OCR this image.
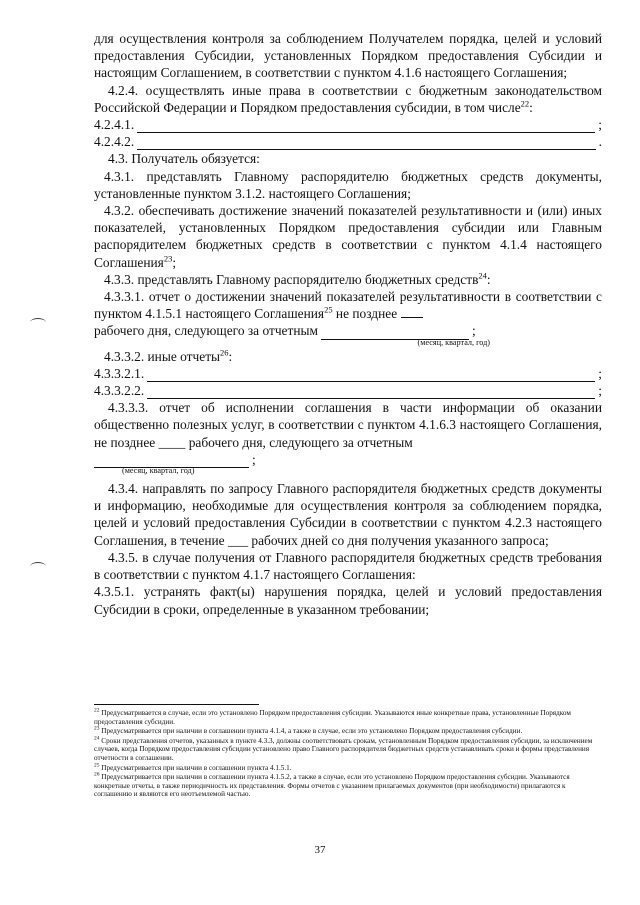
для осуществления контроля за соблюдением Получателем порядка, целей и условий предоставления Субсидии, установленных Порядком предоставления Субсидии и настоящим Соглашением, в соответствии с пунктом 4.1.6 настоящего Соглашения;

4.2.4. осуществлять иные права в соответствии с бюджетным законодательством Российской Федерации и Порядком предоставления субсидии, в том числе$^{22}$:

4.2.4.1.	;
4.2.4.2.	.

4.3. Получатель обязуется:

4.3.1. представлять Главному распорядителю бюджетных средств документы, установленные пунктом 3.1.2. настоящего Соглашения;

4.3.2. обеспечивать достижение значений показателей результативности и (или) иных показателей, установленных Порядком предоставления субсидии или Главным распорядителем бюджетных средств в соответствии с пунктом 4.1.4 настоящего Соглашения$^{23}$;

4.3.3. представлять Главному распорядителю бюджетных средств$^{24}$:

4.3.3.1. отчет о достижении значений показателей результативности в соответствии с пунктом 4.1.5.1 настоящего Соглашения$^{25}$ не позднее

рабочего дня, следующего за отчетным	;
(месяц, квартал, год)

4.3.3.2. иные отчеты$^{26}$:

4.3.3.2.1.	;
4.3.3.2.2.	;

4.3.3.3. отчет об исполнении соглашения в части информации об оказании общественно полезных услуг, в соответствии с пунктом 4.1.6.3 настоящего Соглашения, не позднее ____ рабочего дня, следующего за отчетным

;
(месяц, квартал, год)

4.3.4. направлять по запросу Главного распорядителя бюджетных средств документы и информацию, необходимые для осуществления контроля за соблюдением порядка, целей и условий предоставления Субсидии в соответствии с пунктом 4.2.3 настоящего Соглашения, в течение ___ рабочих дней со дня получения указанного запроса;

4.3.5. в случае получения от Главного распорядителя бюджетных средств требования в соответствии с пунктом 4.1.7 настоящего Соглашения:

4.3.5.1. устранять факт(ы) нарушения порядка, целей и условий предоставления Субсидии в сроки, определенные в указанном требовании;

$^{22}$ Предусматривается в случае, если это установлено Порядком предоставления субсидии. Указываются иные конкретные права, установленные Порядком предоставления субсидии.

$^{23}$ Предусматривается при наличии в соглашении пункта 4.1.4, а также в случае, если это установлено Порядком предоставления субсидии.

$^{24}$ Сроки представления отчетов, указанных в пункте 4.3.3, должны соответствовать срокам, установленным Порядком предоставления субсидии, за исключением случаев, когда Порядком предоставления субсидии установлено право Главного распорядителя бюджетных средств устанавливать сроки и формы представления отчетности в соглашении.

$^{25}$ Предусматривается при наличии в соглашении пункта 4.1.5.1.

$^{26}$ Предусматривается при наличии в соглашении пункта 4.1.5.2, а также в случае, если это установлено Порядком предоставления субсидии. Указываются конкретные отчеты, в также периодичность их представления. Формы отчетов с указанием прилагаемых документов (при необходимости) прилагаются к соглашению и являются его неотъемлемой частью.

37
